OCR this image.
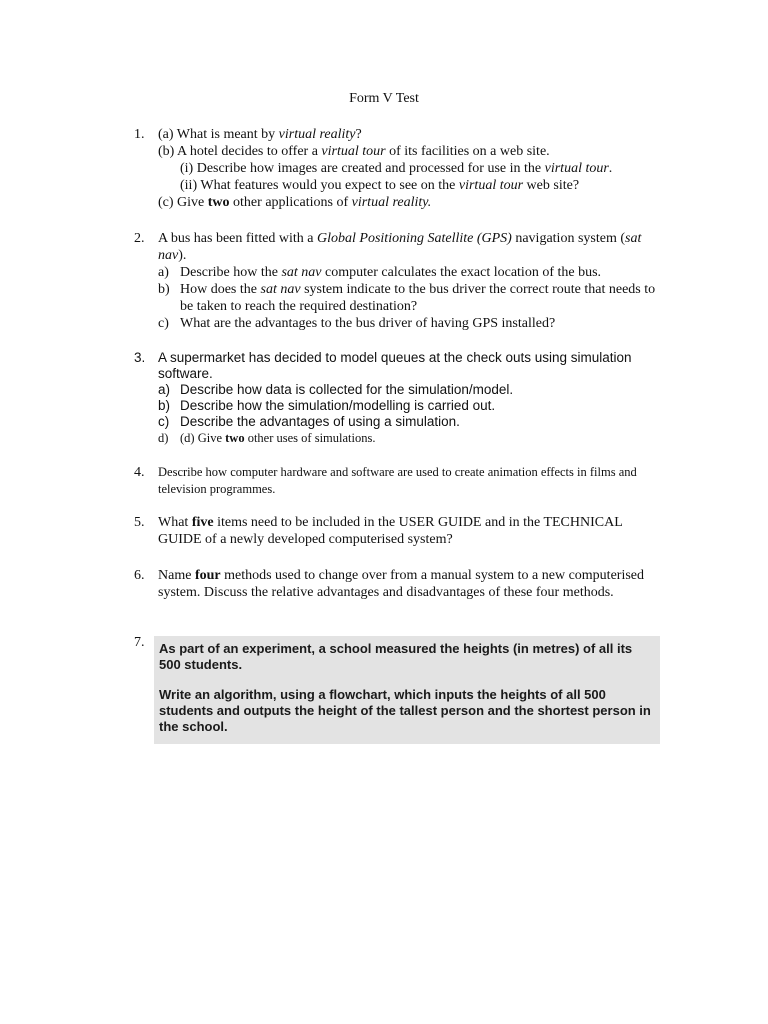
Form V Test
1. (a) What is meant by virtual reality?
(b) A hotel decides to offer a virtual tour of its facilities on a web site.
(i) Describe how images are created and processed for use in the virtual tour.
(ii) What features would you expect to see on the virtual tour web site?
(c) Give two other applications of virtual reality.
2. A bus has been fitted with a Global Positioning Satellite (GPS) navigation system (sat nav).
a) Describe how the sat nav computer calculates the exact location of the bus.
b) How does the sat nav system indicate to the bus driver the correct route that needs to be taken to reach the required destination?
c) What are the advantages to the bus driver of having GPS installed?
3. A supermarket has decided to model queues at the check outs using simulation software.
a) Describe how data is collected for the simulation/model.
b) Describe how the simulation/modelling is carried out.
c) Describe the advantages of using a simulation.
d) (d) Give two other uses of simulations.
4.	Describe how computer hardware and software are used to create animation effects in films and television programmes.
5. What five items need to be included in the USER GUIDE and in the TECHNICAL GUIDE of a newly developed computerised system?
6. Name four methods used to change over from a manual system to a new computerised system. Discuss the relative advantages and disadvantages of these four methods.
7.	As part of an experiment, a school measured the heights (in metres) of all its 500 students.

Write an algorithm, using a flowchart, which inputs the heights of all 500 students and outputs the height of the tallest person and the shortest person in the school.
